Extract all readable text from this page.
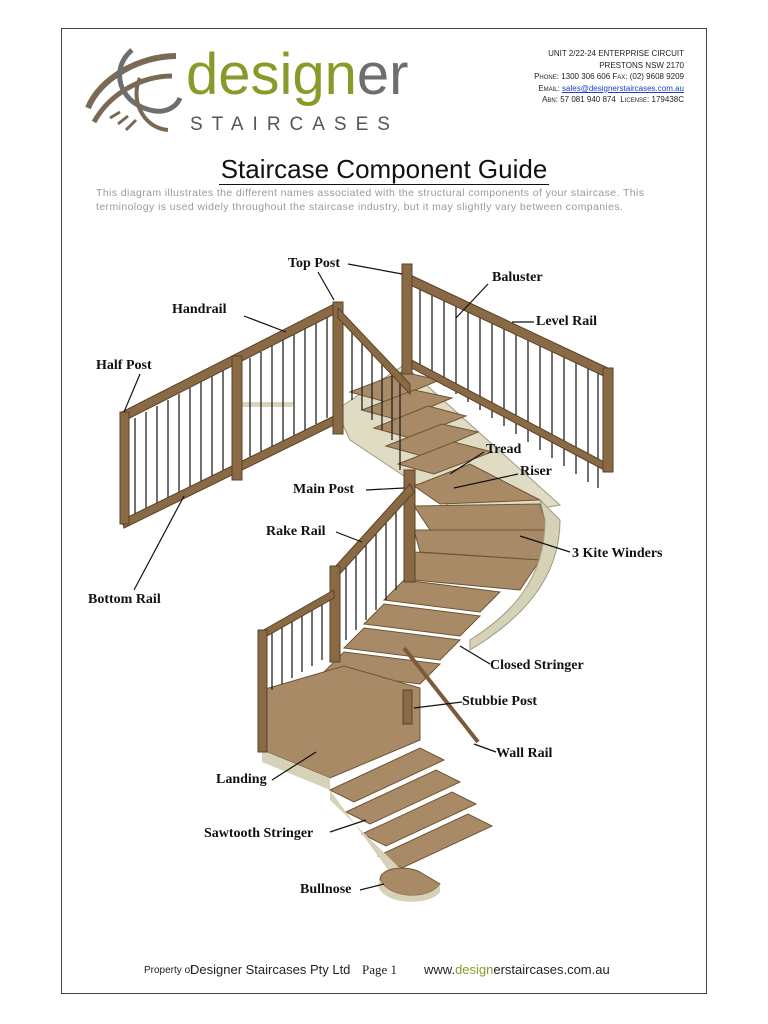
designer
STAIRCASES
UNIT 2/22-24 ENTERPRISE CIRCUIT
PRESTONS NSW 2170
Phone: 1300 306 606 Fax: (02) 9608 9209
Email: sales@designerstaircases.com.au
Abn: 57 081 940 874 License: 179438C
Staircase Component Guide
This diagram illustrates the different names associated with the structural components of your staircase. This terminology is used widely throughout the staircase industry, but it may slightly vary between companies.
Top Post
Baluster
Handrail
Level Rail
Half Post
Tread
Riser
Main Post
Rake Rail
3 Kite Winders
Bottom Rail
Closed Stringer
Stubbie Post
Wall Rail
Landing
Sawtooth Stringer
Bullnose
Property of
Designer Staircases Pty Ltd Page 1 www.designerstaircases.com.au
